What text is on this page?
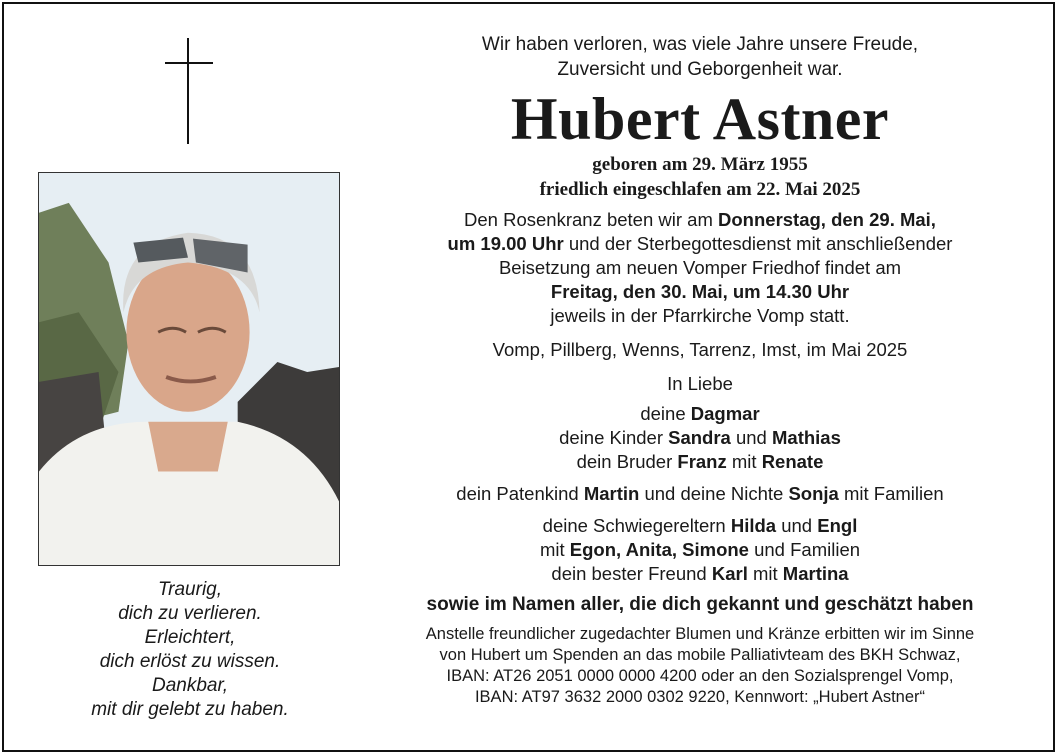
Traurig,
dich zu verlieren.
Erleichtert,
dich erlöst zu wissen.
Dankbar,
mit dir gelebt zu haben.
Wir haben verloren, was viele Jahre unsere Freude,
Zuversicht und Geborgenheit war.
Hubert Astner
geboren am 29. März 1955
friedlich eingeschlafen am 22. Mai 2025
Den Rosenkranz beten wir am Donnerstag, den 29. Mai,
um 19.00 Uhr und der Sterbegottesdienst mit anschließender
Beisetzung am neuen Vomper Friedhof findet am
Freitag, den 30. Mai, um 14.30 Uhr
jeweils in der Pfarrkirche Vomp statt.
Vomp, Pillberg, Wenns, Tarrenz, Imst, im Mai 2025
In Liebe
deine Dagmar
deine Kinder Sandra und Mathias
dein Bruder Franz mit Renate
dein Patenkind Martin und deine Nichte Sonja mit Familien
deine Schwiegereltern Hilda und Engl
mit Egon, Anita, Simone und Familien
dein bester Freund Karl mit Martina
sowie im Namen aller, die dich gekannt und geschätzt haben
Anstelle freundlicher zugedachter Blumen und Kränze erbitten wir im Sinne
von Hubert um Spenden an das mobile Palliativteam des BKH Schwaz,
IBAN: AT26 2051 0000 0000 4200 oder an den Sozialsprengel Vomp,
IBAN: AT97 3632 2000 0302 9220, Kennwort: „Hubert Astner“
